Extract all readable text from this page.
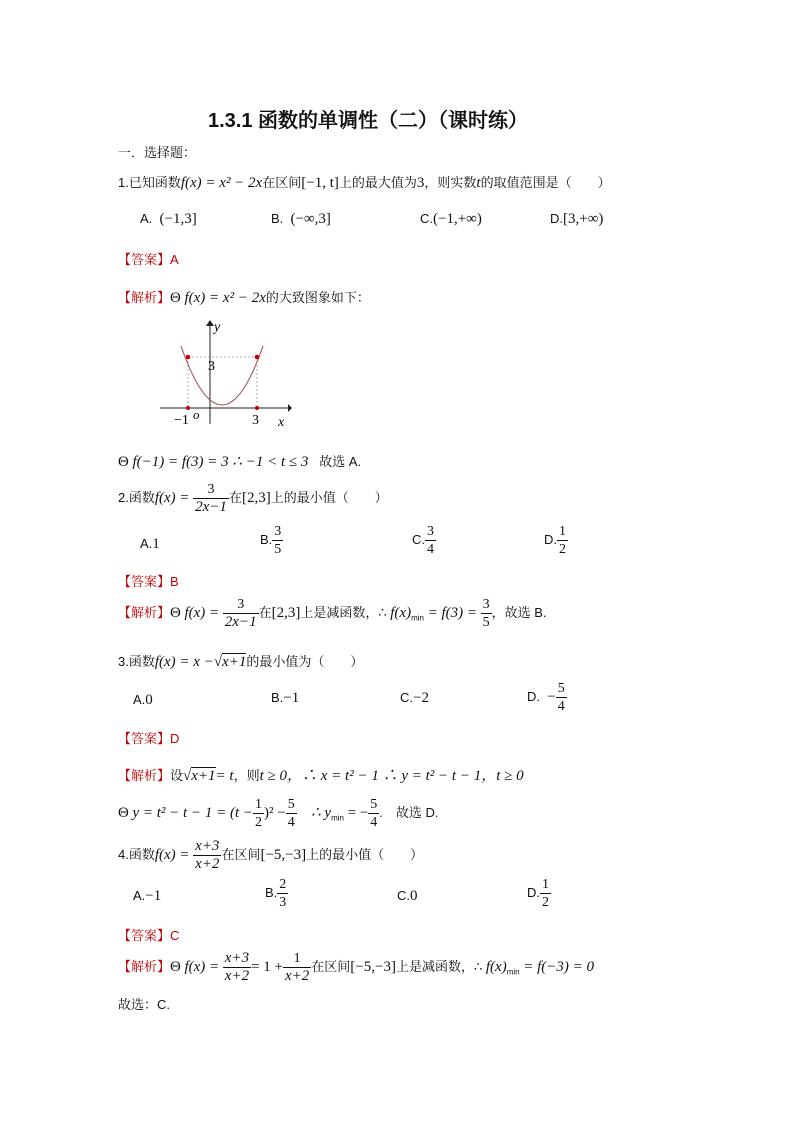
1.3.1 函数的单调性（二）（课时练）
一．选择题：
1.已知函数f(x) = x² − 2x在区间[−1, t]上的最大值为3，则实数t的取值范围是（　　）
A. (−1,3]	B. (−∞,3]	C.(−1,+∞)	D.[3,+∞)
【答案】A
【解析】Θ f(x) = x² − 2x的大致图象如下：
y
x
o
3
−1	3
Θ f(−1) = f(3) = 3 ∴ −1 < t ≤ 3 故选 A.
2.函数$f(x) = \frac{3}{2x-1}$ 在[2,3]上的最小值（　　）
A.1	B. $\frac{3}{5}$	C. $\frac{3}{4}$	D. $\frac{1}{2}$
【答案】B
【解析】Θ $f(x) = \frac{3}{2x-1}$ 在[2,3]上是减函数，∴ $f(x)_{min} = f(3) = \frac{3}{5}$ ，故选 B.
3.函数f(x) = x −√x+1的最小值为（　　）
A.0	B.−1	C.−2	D. − $\frac{5}{4}$
【答案】D
【解析】设√x+1= t，则t ≥ 0，∴ x = t² − 1 ∴ y = t² − t − 1，t ≥ 0
Θ $y = t^2 - t - 1 = (t - \frac{1}{2} )^2 - \frac{5}{4}$ ∴ $y_{min}$ = − $\frac{5}{4}$ .　故选 D.
4.函数$f(x) = \frac{x+3}{x+2}$ 在区间[−5,−3]上的最小值（　　）
A.−1	B. $\frac{2}{3}$	C.0	D. $\frac{1}{2}$
【答案】C
【解析】Θ $f(x) = \frac{x+3}{x+2} = 1 + \frac{1}{x+2}$ 在区间[−5,−3]上是减函数，∴ $f(x)_{min} = f(-3) = 0$
故选：C.
